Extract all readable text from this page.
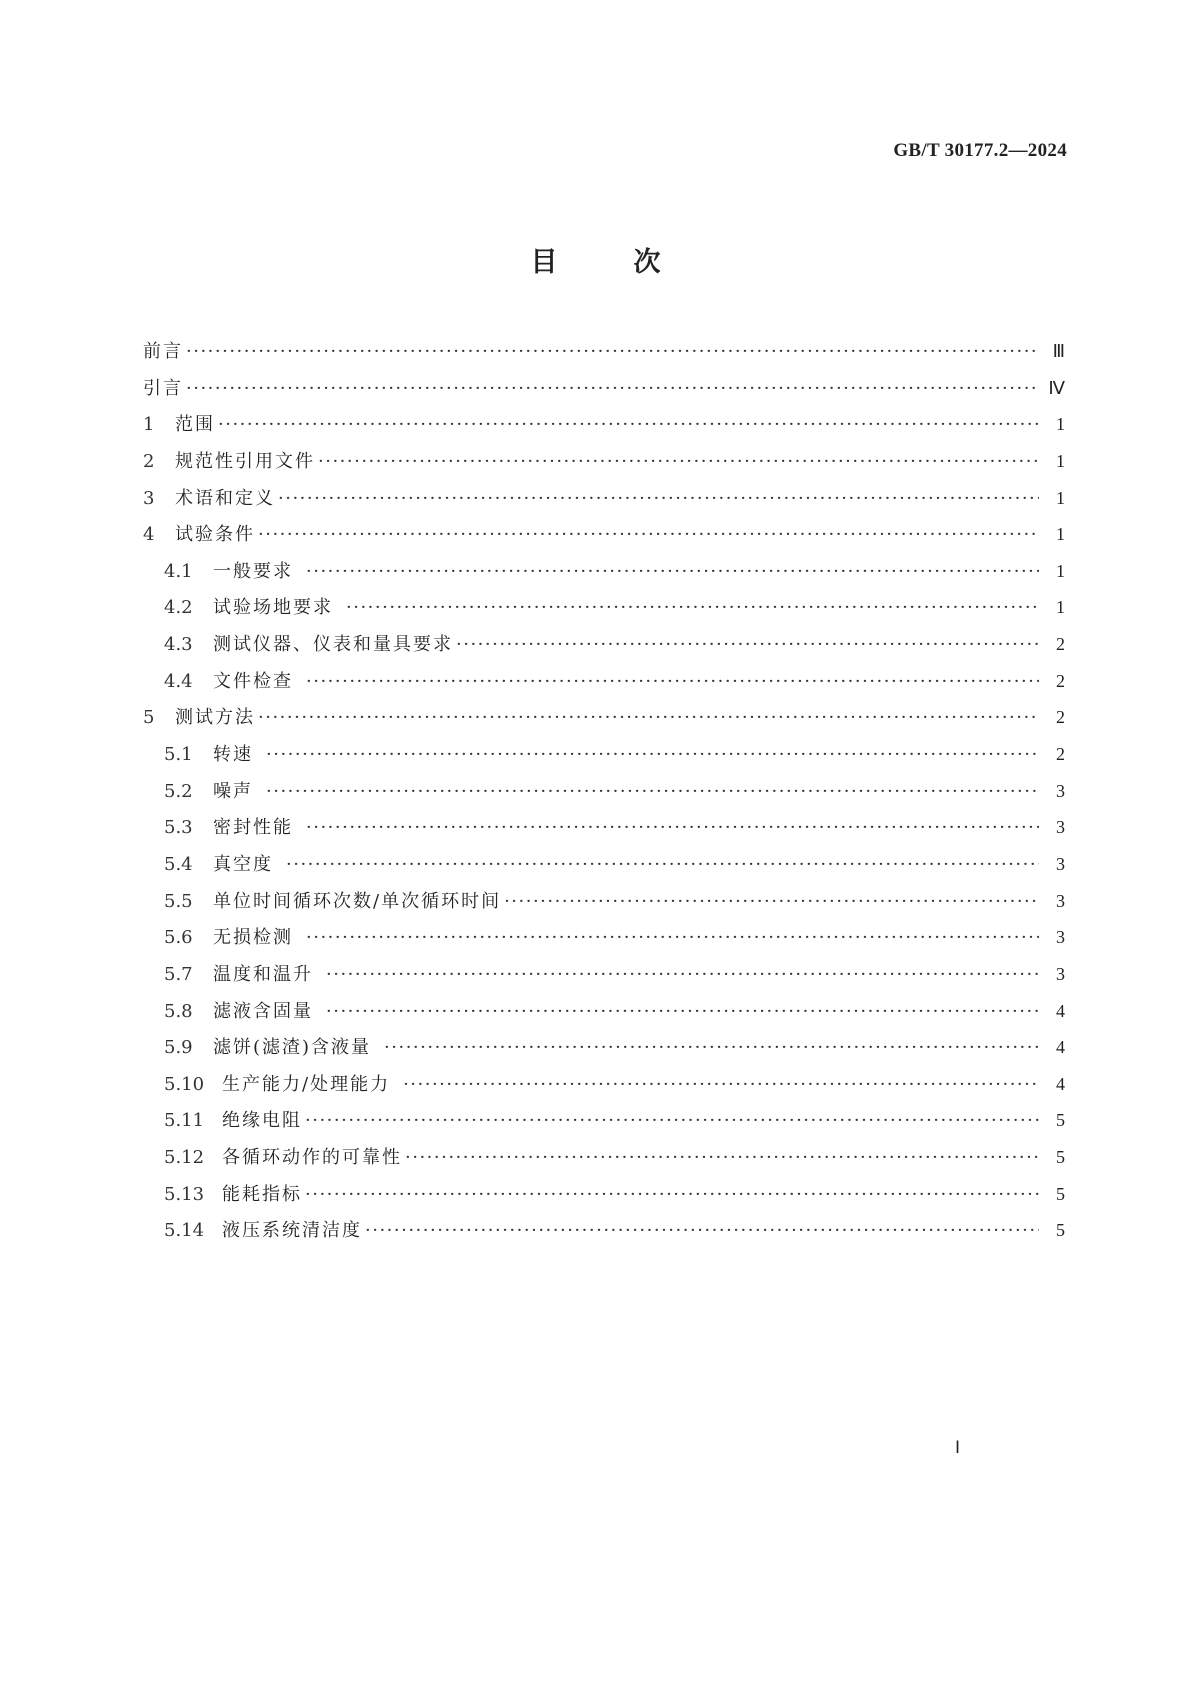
GB/T 30177.2—2024
目	次
前言 ·····	Ⅲ
引言 ·····	Ⅳ
1	范围 ·····	1
2	规范性引用文件 ·····	1
3	术语和定义 ·····	1
4	试验条件 ·····	1
4.1	一般要求 ·····	1
4.2	试验场地要求 ·····	1
4.3	测试仪器、仪表和量具要求 ·····	2
4.4	文件检查 ·····	2
5	测试方法 ·····	2
5.1	转速 ·····	2
5.2	噪声 ·····	3
5.3	密封性能 ·····	3
5.4	真空度 ·····	3
5.5	单位时间循环次数/单次循环时间 ·····	3
5.6	无损检测 ·····	3
5.7	温度和温升 ·····	3
5.8	滤液含固量 ·····	4
5.9	滤饼(滤渣)含液量 ·····	4
5.10 生产能力/处理能力 ·····	4
5.11 绝缘电阻 ·····	5
5.12 各循环动作的可靠性 ·····	5
5.13 能耗指标 ·····	5
5.14 液压系统清洁度 ·····	5
Ⅰ
